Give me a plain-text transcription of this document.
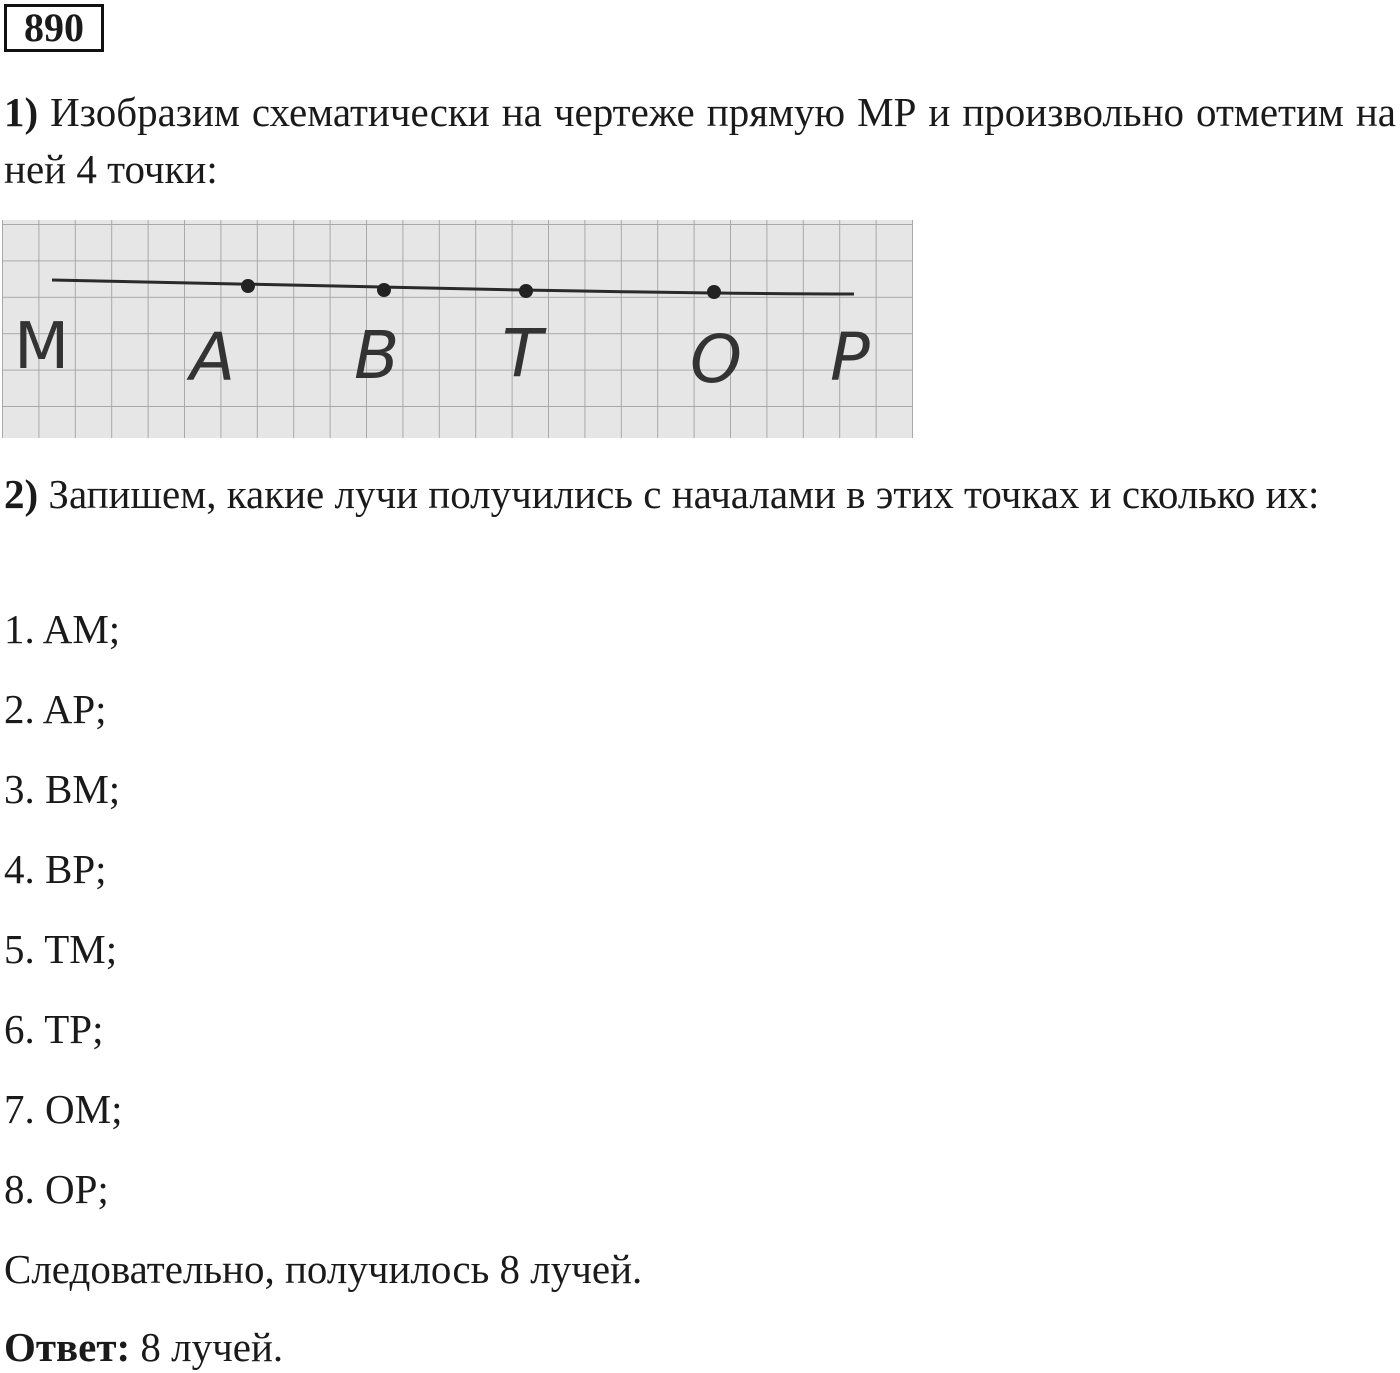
890

1) Изобразим схематически на чертеже прямую МР и произвольно отметим на ней 4 точки:

M A B T O P

2) Запишем, какие лучи получились с началами в этих точках и сколько их:

1. AM;

2. AP;

3. BM;

4. BP;

5. TM;

6. TP;

7. OM;

8. OP;

Следовательно, получилось 8 лучей.

Ответ: 8 лучей.
